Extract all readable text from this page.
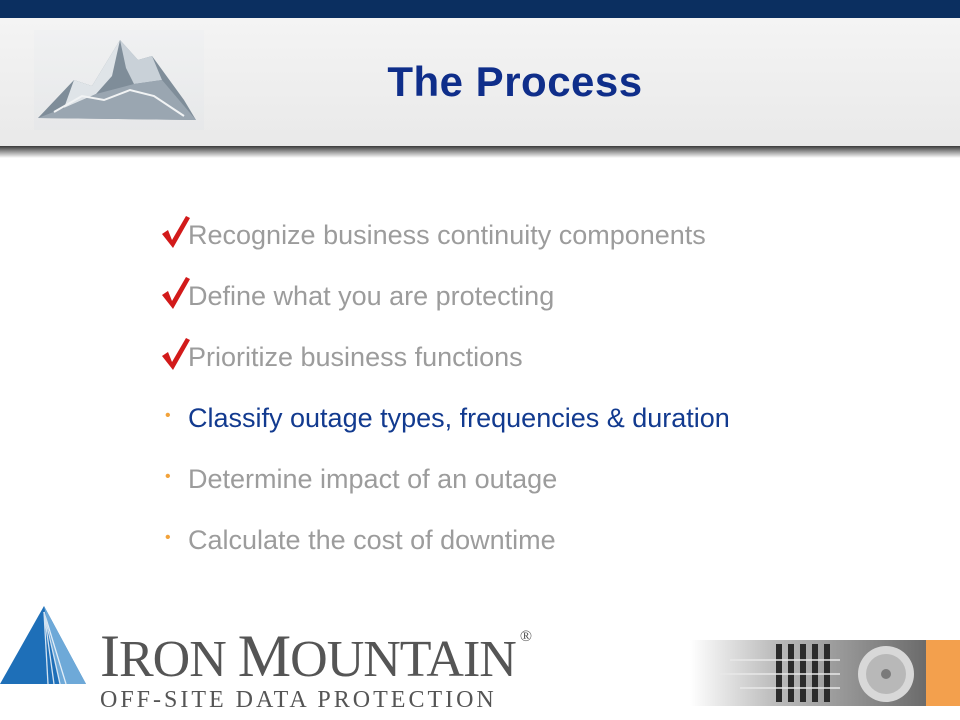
The Process
Recognize business continuity components
Define what you are protecting
Prioritize business functions
• Classify outage types, frequencies & duration
• Determine impact of an outage
• Calculate the cost of downtime
IRON MOUNTAIN ®
OFF-SITE DATA PROTECTION
